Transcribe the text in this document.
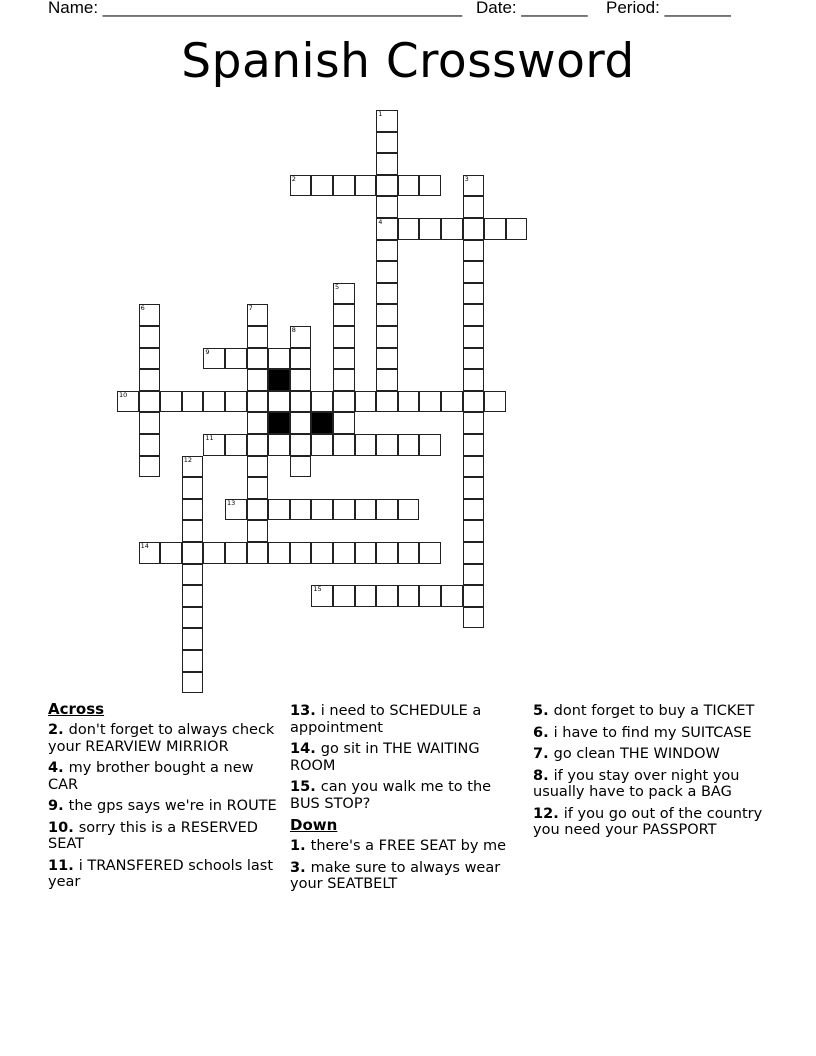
Name: ______________________________________ Date: _______ Period: _______
Spanish Crossword
1
4
2	3
5
6	7
8
9
10
11
12
13
14
15
Across
2. don't forget to always check your REARVIEW MIRRIOR
4. my brother bought a new CAR
9. the gps says we're in ROUTE
10. sorry this is a RESERVED SEAT
11. i TRANSFERED schools last year
13. i need to SCHEDULE a appointment
14. go sit in THE WAITING ROOM
15. can you walk me to the BUS STOP?
Down
1. there's a FREE SEAT by me
3. make sure to always wear your SEATBELT
5. dont forget to buy a TICKET
6. i have to find my SUITCASE
7. go clean THE WINDOW
8. if you stay over night you usually have to pack a BAG
12. if you go out of the country you need your PASSPORT
